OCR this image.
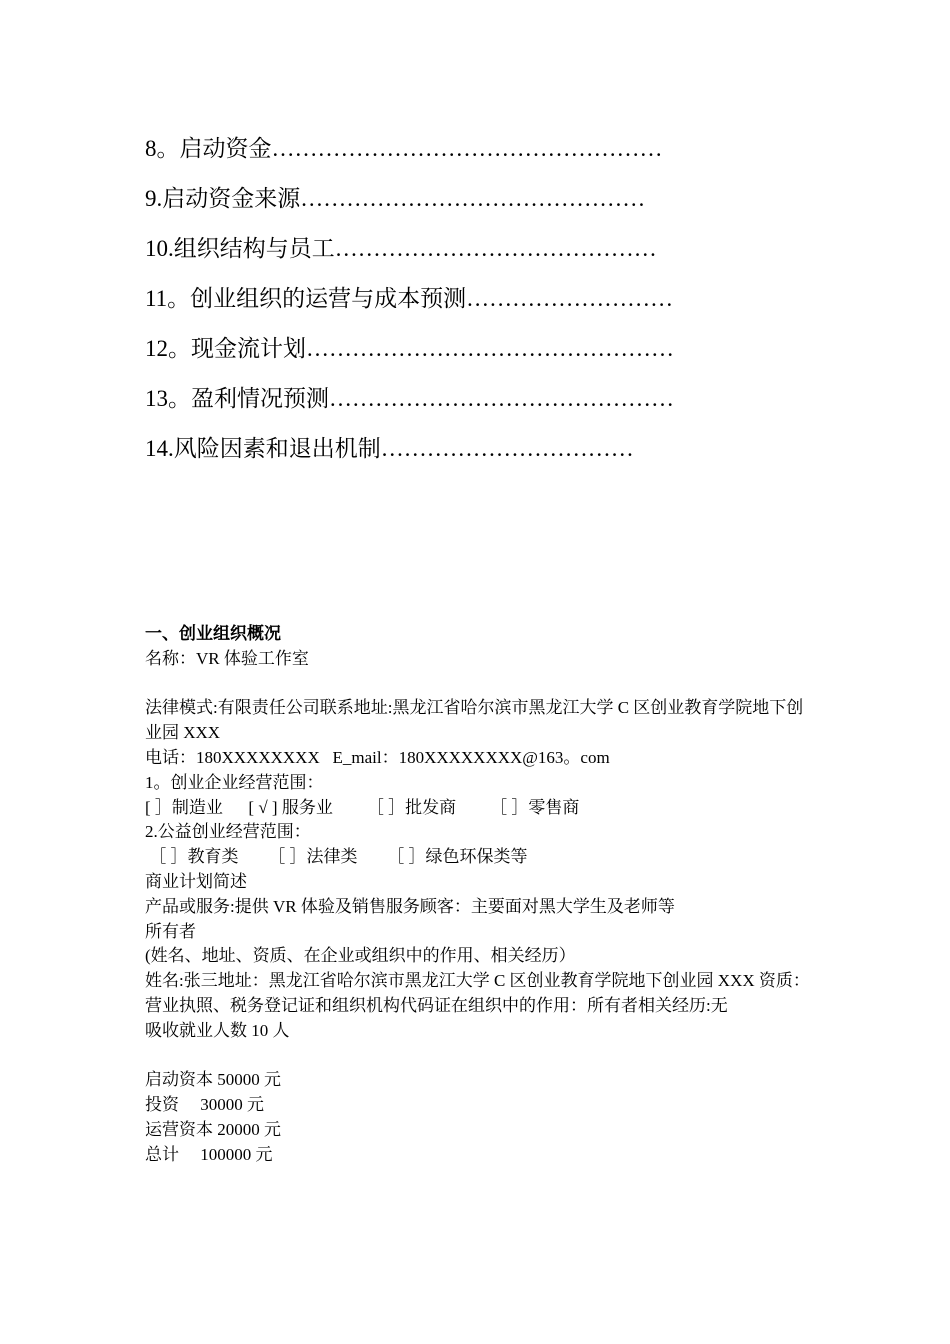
8。启动资金……………………………………………
9.启动资金来源………………………………………
10.组织结构与员工……………………………………
11。创业组织的运营与成本预测………………………
12。现金流计划…………………………………………
13。盈利情况预测………………………………………
14.风险因素和退出机制……………………………
一、创业组织概况
名称：VR 体验工作室
法律模式:有限责任公司联系地址:黑龙江省哈尔滨市黑龙江大学 C 区创业教育学院地下创业园 XXX
电话：180XXXXXXXX   E_mail：180XXXXXXXX@163。com
1。创业企业经营范围：
[ ］制造业      [ √ ] 服务业        ［ ］批发商        ［ ］零售商
2.公益创业经营范围：
［ ］教育类       ［ ］法律类       ［ ］绿色环保类等
商业计划简述
产品或服务:提供 VR 体验及销售服务顾客：主要面对黑大学生及老师等
所有者
(姓名、地址、资质、在企业或组织中的作用、相关经历）
姓名:张三地址：黑龙江省哈尔滨市黑龙江大学 C 区创业教育学院地下创业园 XXX 资质：营业执照、税务登记证和组织机构代码证在组织中的作用：所有者相关经历:无
吸收就业人数 10 人
启动资本 50000 元
投资     30000 元
运营资本 20000 元
总计     100000 元
